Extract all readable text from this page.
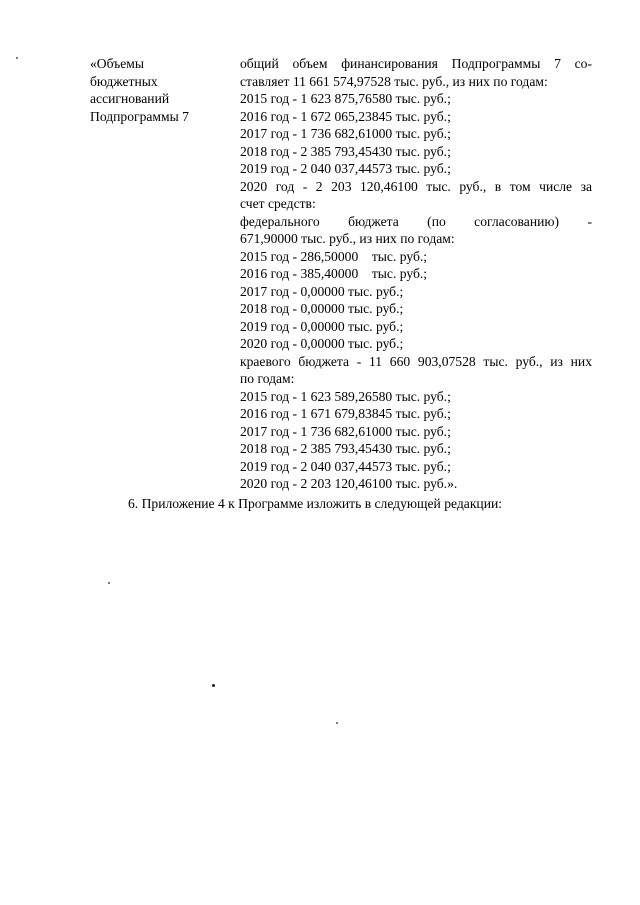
«Объемы
бюджетных
ассигнований
Подпрограммы 7
общий объем финансирования Подпрограммы 7 со-
ставляет 11 661 574,97528 тыс. руб., из них по годам:
2015 год - 1 623 875,76580 тыс. руб.;
2016 год - 1 672 065,23845 тыс. руб.;
2017 год - 1 736 682,61000 тыс. руб.;
2018 год - 2 385 793,45430 тыс. руб.;
2019 год - 2 040 037,44573 тыс. руб.;
2020 год - 2 203 120,46100 тыс. руб., в том числе за
счет средств:
федерального бюджета (по согласованию) -
671,90000 тыс. руб., из них по годам:
2015 год - 286,50000    тыс. руб.;
2016 год - 385,40000    тыс. руб.;
2017 год - 0,00000 тыс. руб.;
2018 год - 0,00000 тыс. руб.;
2019 год - 0,00000 тыс. руб.;
2020 год - 0,00000 тыс. руб.;
краевого бюджета - 11 660 903,07528 тыс. руб., из них
по годам:
2015 год - 1 623 589,26580 тыс. руб.;
2016 год - 1 671 679,83845 тыс. руб.;
2017 год - 1 736 682,61000 тыс. руб.;
2018 год - 2 385 793,45430 тыс. руб.;
2019 год - 2 040 037,44573 тыс. руб.;
2020 год - 2 203 120,46100 тыс. руб.».
6. Приложение 4 к Программе изложить в следующей редакции:
